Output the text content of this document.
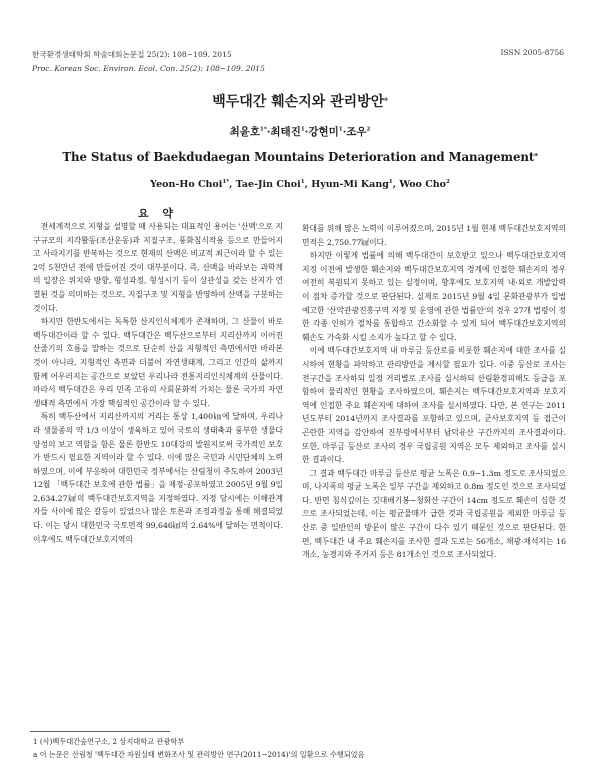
한국환경생태학회 학술대회논문집 25(2): 108~109. 2015
Proc. Korean Soc. Environ. Ecol. Con. 25(2): 108~109. 2015
ISSN 2005-8756
백두대간 훼손지와 관리방안$^a$
최윤호$^{1*}$·최태진$^1$·강현미$^1$·조우$^2$
The Status of Baekdudaegan Mountains Deterioration and Management$^a$
Yeon-Ho Choi$^{1*}$, Tae-Jin Choi$^1$, Hyun-Mi Kang$^1$, Woo Cho$^2$
요 약

전세계적으로 지형을 설명할 때 사용되는 대표적인 용어는 '산맥'으로 지구규모의 지각활동(조산운동)과 지질구조, 풍화침식작용 등으로 만들어지고 사라지기를 반복하는 것으로 현재의 산맥은 비교적 최근이라 할 수 있는 2억 5천만년 전에 만들어진 것이 대부분이다. 즉, 산맥을 바라보는 과학계의 입장은 위치와 방향, 형성과정, 형성시기 등이 상관성을 갖는 산지가 연결된 것을 의미하는 것으로, 지질구조 및 지형을 반영하여 산맥을 구분하는 것이다.

하지만 한반도에서는 독특한 산지인식체계가 존재하며, 그 산물이 바로 백두대간이라 할 수 있다. 백두대간은 백두산으로부터 지리산까지 이어진 산줄기의 흐름을 말하는 것으로 단순히 산을 지형적인 측면에서만 바라본 것이 아니라, 지형적인 측면과 더불어 자연생태계, 그리고 인간의 삶까지 함께 어우러지는 공간으로 보았던 우리나라 전통지리인식체계의 산물이다. 따라서 백두대간은 우리 민족 고유의 사회문화적 가치는 물론 국가의 자연 생태적 측면에서 가장 핵심적인 공간이라 할 수 있다.

특히 백두산에서 지리산까지의 거리는 통상 1,400㎞에 달하며, 우리나라 생물종의 약 1/3 이상이 생육하고 있어 국토의 생태축과 풍부한 생물다양성의 보고 역할을 함은 물론 한반도 10대강의 발원지로써 국가적인 보호가 반드시 필요한 지역이라 할 수 있다. 이에 많은 국민과 시민단체의 노력하였으며, 이에 부응하여 대한민국 정부에서는 산림청이 주도하여 2003년 12월 「백두대간 보호에 관한 법률」을 제정·공포하였고 2005년 9월 9일 2,634.27㎢의 백두대간보호지역을 지정하였다. 지정 당시에는 이해관계자들 사이에 많은 갈등이 있었으나 많은 토론과 조정과정을 통해 해결되었다. 이는 당시 대한민국 국토면적 99,646㎢의 2.64%에 달하는 면적이다. 이후에도 백두대간보호지역의

확대를 위해 많은 노력이 이루어졌으며, 2015년 1월 현재 백두대간보호지역의 면적은 2,750.77㎢이다.

하지만 이렇게 법률에 의해 백두대간이 보호받고 있으나 백두대간보호지역 지정 이전에 발생한 훼손지와 백두대간보호지역 경계에 인접한 훼손지의 경우 여전히 복원되지 못하고 있는 실정이며, 향후에도 보호지역 내·외로 개발압력이 점차 증가할 것으로 판단된다. 실제로 2015년 9월 4일 문화관광부가 입법예고한 '산악관광진흥구역 지정 및 운영에 관한 법률안'의 경우 27개 법령이 정한 각종 인허가 절차를 통합하고 간소화할 수 있게 되어 백두대간보호지역의 훼손도 가속화 시킬 소지가 높다고 할 수 있다.

이에 백두대간보호지역 내 마루금 등산로를 비롯한 훼손지에 대한 조사를 실시하여 현황을 파악하고 관리방안을 제시할 필요가 있다. 이중 등산로 조사는 전구간을 조사하되 일정 거리별로 조사를 실시하되 산림환경피해도 등급을 포함하여 물리적인 현황을 조사하였으며, 훼손지는 백두대간보호지역과 보호지역에 인접한 주요 훼손지에 대하여 조사를 실시하였다. 다만, 본 연구는 2011년도부터 2014년까지 조사결과를 포함하고 있으며, 군사보호지역 등 접근이 곤란한 지역을 감안하여 진부령에서부터 남덕유산 구간까지의 조사결과이다. 또한, 마루금 등산로 조사의 경우 국립공원 지역은 모두 제외하고 조사를 실시한 결과이다.

그 결과 백두대간 마루금 등산로 평균 노폭은 0.9∼1.3m 정도로 조사되었으며, 나지폭의 평균 노폭은 일부 구간을 제외하고 0.8m 정도인 것으로 조사되었다. 반면 침식깊이는 깃대배기봉∼청화산 구간이 14cm 정도로 훼손이 심한 것으로 조사되었는데, 이는 평균물매가 급한 것과 국립공원을 제외한 마루금 등산로 중 일반인의 방문이 많은 구간이 다수 있기 때문인 것으로 판단된다. 한편, 백두대간 내 주요 훼손지를 조사한 결과 도로는 56개소, 채광·채석지는 16개소, 농경지와 주거지 등은 81개소인 것으로 조사되었다.

1 (사)백두대간숲연구소, 2 상지대학교 관광학부
a 이 논문은 산림청 '백두대간 자원실태 변화조사 및 관리방안 연구(2011∼2014)'의 일환으로 수행되었음
